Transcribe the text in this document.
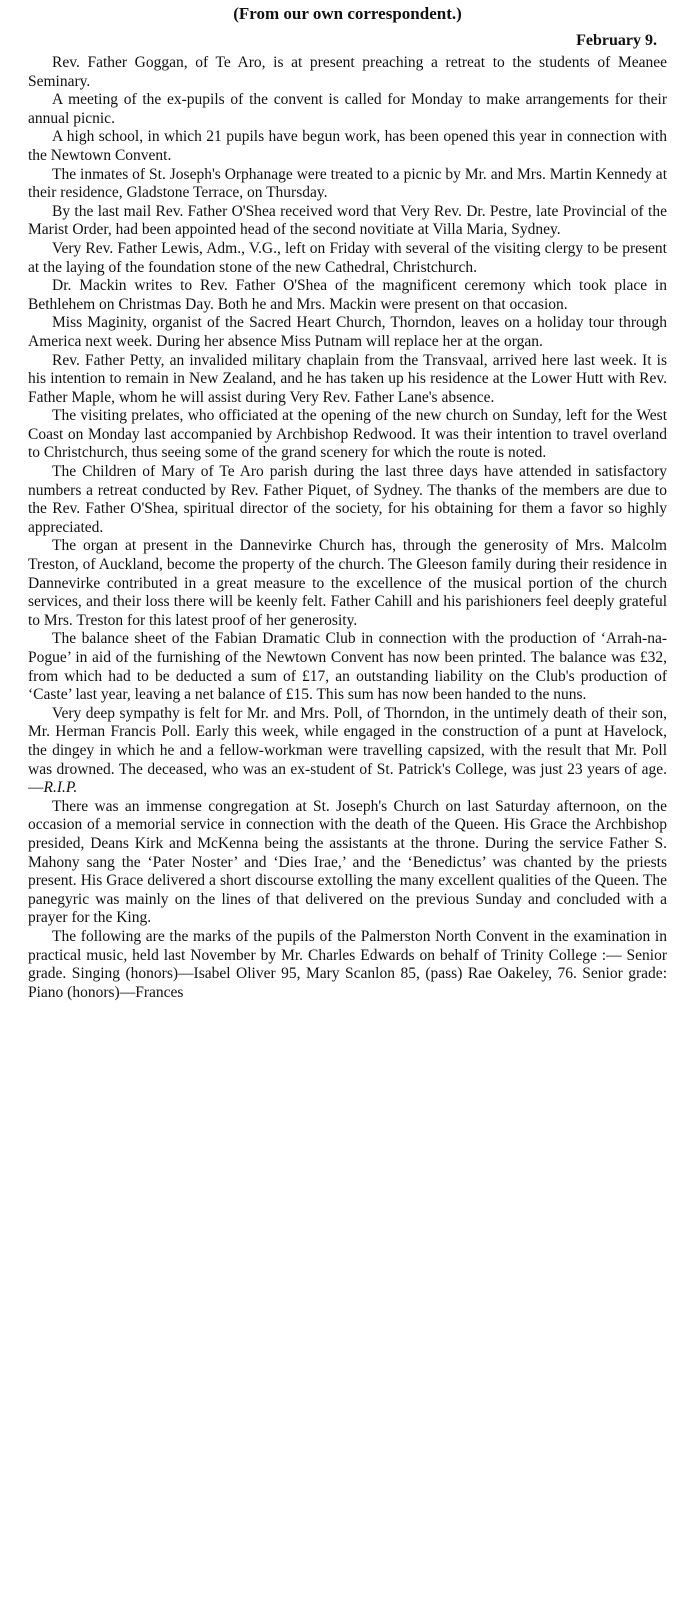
(From our own correspondent.)
February 9.

Rev. Father Goggan, of Te Aro, is at present preaching a retreat to the students of Meanee Seminary.

A meeting of the ex-pupils of the convent is called for Monday to make arrangements for their annual picnic.

A high school, in which 21 pupils have begun work, has been opened this year in connection with the Newtown Convent.

The inmates of St. Joseph's Orphanage were treated to a picnic by Mr. and Mrs. Martin Kennedy at their residence, Gladstone Terrace, on Thursday.

By the last mail Rev. Father O'Shea received word that Very Rev. Dr. Pestre, late Provincial of the Marist Order, had been appointed head of the second novitiate at Villa Maria, Sydney.

Very Rev. Father Lewis, Adm., V.G., left on Friday with several of the visiting clergy to be present at the laying of the foundation stone of the new Cathedral, Christchurch.

Dr. Mackin writes to Rev. Father O'Shea of the magnificent ceremony which took place in Bethlehem on Christmas Day. Both he and Mrs. Mackin were present on that occasion.

Miss Maginity, organist of the Sacred Heart Church, Thorndon, leaves on a holiday tour through America next week. During her absence Miss Putnam will replace her at the organ.

Rev. Father Petty, an invalided military chaplain from the Transvaal, arrived here last week. It is his intention to remain in New Zealand, and he has taken up his residence at the Lower Hutt with Rev. Father Maple, whom he will assist during Very Rev. Father Lane's absence.

The visiting prelates, who officiated at the opening of the new church on Sunday, left for the West Coast on Monday last accompanied by Archbishop Redwood. It was their intention to travel overland to Christchurch, thus seeing some of the grand scenery for which the route is noted.

The Children of Mary of Te Aro parish during the last three days have attended in satisfactory numbers a retreat conducted by Rev. Father Piquet, of Sydney. The thanks of the members are due to the Rev. Father O'Shea, spiritual director of the society, for his obtaining for them a favor so highly appreciated.

The organ at present in the Dannevirke Church has, through the generosity of Mrs. Malcolm Treston, of Auckland, become the property of the church. The Gleeson family during their residence in Dannevirke contributed in a great measure to the excellence of the musical portion of the church services, and their loss there will be keenly felt. Father Cahill and his parishioners feel deeply grateful to Mrs. Treston for this latest proof of her generosity.

The balance sheet of the Fabian Dramatic Club in connection with the production of ‘Arrah-na-Pogue’ in aid of the furnishing of the Newtown Convent has now been printed. The balance was £32, from which had to be deducted a sum of £17, an outstanding liability on the Club's production of ‘Caste’ last year, leaving a net balance of £15. This sum has now been handed to the nuns.

Very deep sympathy is felt for Mr. and Mrs. Poll, of Thorndon, in the untimely death of their son, Mr. Herman Francis Poll. Early this week, while engaged in the construction of a punt at Havelock, the dingey in which he and a fellow-workman were travelling capsized, with the result that Mr. Poll was drowned. The deceased, who was an ex-student of St. Patrick's College, was just 23 years of age.—R.I.P.

There was an immense congregation at St. Joseph's Church on last Saturday afternoon, on the occasion of a memorial service in connection with the death of the Queen. His Grace the Archbishop presided, Deans Kirk and McKenna being the assistants at the throne. During the service Father S. Mahony sang the ‘Pater Noster’ and ‘Dies Irae,’ and the ‘Benedictus’ was chanted by the priests present. His Grace delivered a short discourse extolling the many excellent qualities of the Queen. The panegyric was mainly on the lines of that delivered on the previous Sunday and concluded with a prayer for the King.

The following are the marks of the pupils of the Palmerston North Convent in the examination in practical music, held last November by Mr. Charles Edwards on behalf of Trinity College :— Senior grade. Singing (honors)—Isabel Oliver 95, Mary Scanlon 85, (pass) Rae Oakeley, 76. Senior grade: Piano (honors)—Frances
